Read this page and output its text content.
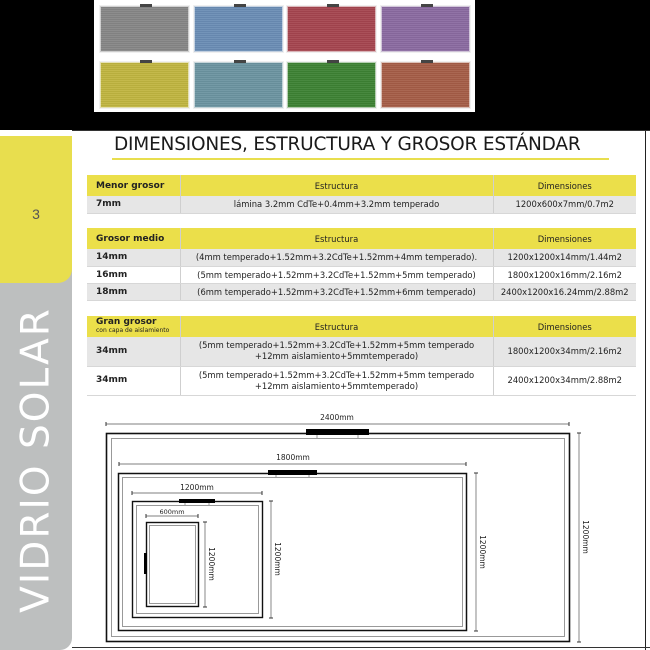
3
VIDRIO SOLAR
DIMENSIONES, ESTRUCTURA Y GROSOR ESTÁNDAR
Menor grosor	Estructura	Dimensiones
7mm	lámina 3.2mm CdTe+0.4mm+3.2mm temperado	1200x600x7mm/0.7m2
Grosor medio	Estructura	Dimensiones
14mm	(4mm temperado+1.52mm+3.2CdTe+1.52mm+4mm temperado).	1200x1200x14mm/1.44m2
16mm	(5mm temperado+1.52mm+3.2CdTe+1.52mm+5mm temperado)	1800x1200x16mm/2.16m2
18mm	(6mm temperado+1.52mm+3.2CdTe+1.52mm+6mm temperado)	2400x1200x16.24mm/2.88m2
Gran grosor
con capa de aislamiento	Estructura	Dimensiones
34mm	(5mm temperado+1.52mm+3.2CdTe+1.52mm+5mm temperado
+12mm aislamiento+5mmtemperado)	1800x1200x34mm/2.16m2
34mm	(5mm temperado+1.52mm+3.2CdTe+1.52mm+5mm temperado
+12mm aislamiento+5mmtemperado)	2400x1200x34mm/2.88m2
2400mm
1200mm
1800mm
1200mm
1200mm
1200mm
600mm
1200mm
